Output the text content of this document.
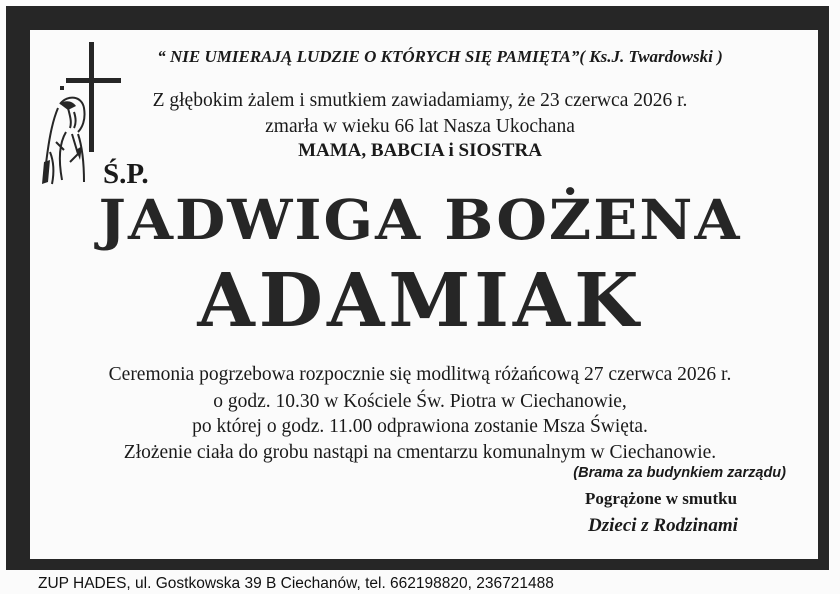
“ NIE UMIERAJĄ LUDZIE O KTÓRYCH SIĘ PAMIĘTA”( Ks.J. Twardowski )
Z głębokim żalem i smutkiem zawiadamiamy, że 23 czerwca 2026 r.
zmarła w wieku 66 lat Nasza Ukochana
MAMA, BABCIA i SIOSTRA
Ś.P.
JADWIGA BOŻENA
ADAMIAK
Ceremonia pogrzebowa rozpocznie się modlitwą różańcową 27 czerwca 2026 r.
o godz. 10.30 w Kościele Św. Piotra w Ciechanowie,
po której o godz. 11.00 odprawiona zostanie Msza Święta.
Złożenie ciała do grobu nastąpi na cmentarzu komunalnym w Ciechanowie.
(Brama za budynkiem zarządu)
Pogrążone w smutku
Dzieci z Rodzinami
ZUP HADES, ul. Gostkowska 39 B Ciechanów, tel. 662198820, 236721488
